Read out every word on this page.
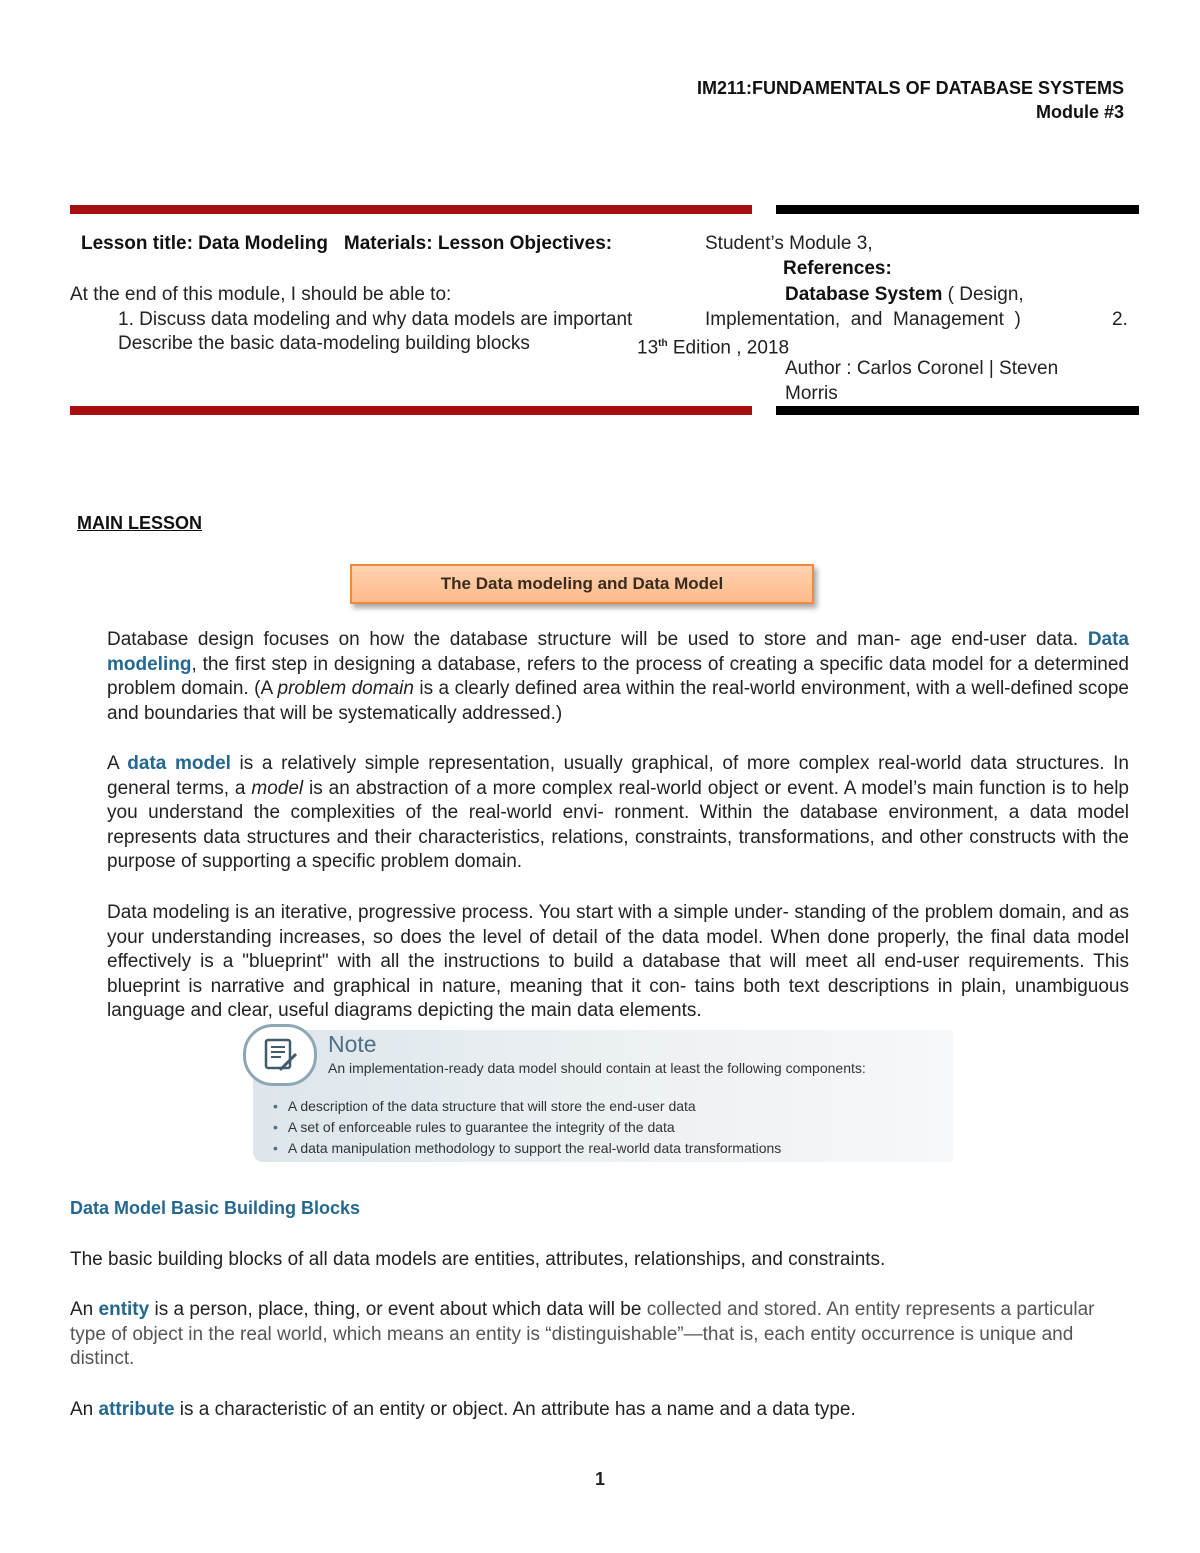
IM211:FUNDAMENTALS OF DATABASE SYSTEMS
Module #3
Lesson title: Data Modeling Materials: Lesson Objectives:	Student’s Module 3,
References:
At the end of this module, I should be able to:	Database System ( Design,
1. Discuss data modeling and why data models are important	Implementation,  and  Management  )	2.
Describe the basic data-modeling building blocks	13th Edition , 2018
Author : Carlos Coronel | Steven
Morris
MAIN LESSON
The Data modeling and Data Model
Database design focuses on how the database structure will be used to store and man- age end-user data. Data modeling, the first step in designing a database, refers to the process of creating a specific data model for a determined problem domain. (A problem domain is a clearly defined area within the real-world environment, with a well-defined scope and boundaries that will be systematically addressed.)
A data model is a relatively simple representation, usually graphical, of more complex real-world data structures. In general terms, a model is an abstraction of a more complex real-world object or event. A model’s main function is to help you understand the complexities of the real-world envi- ronment. Within the database environment, a data model represents data structures and their characteristics, relations, constraints, transformations, and other constructs with the purpose of supporting a specific problem domain.
Data modeling is an iterative, progressive process. You start with a simple under- standing of the problem domain, and as your understanding increases, so does the level of detail of the data model. When done properly, the final data model effectively is a "blueprint" with all the instructions to build a database that will meet all end-user requirements. This blueprint is narrative and graphical in nature, meaning that it con- tains both text descriptions in plain, unambiguous language and clear, useful diagrams depicting the main data elements.
Note
An implementation-ready data model should contain at least the following components:
• A description of the data structure that will store the end-user data
• A set of enforceable rules to guarantee the integrity of the data
• A data manipulation methodology to support the real-world data transformations
Data Model Basic Building Blocks
The basic building blocks of all data models are entities, attributes, relationships, and constraints.
An entity is a person, place, thing, or event about which data will be collected and stored. An entity represents a particular type of object in the real world, which means an entity is “distinguishable”—that is, each entity occurrence is unique and distinct.
An attribute is a characteristic of an entity or object. An attribute has a name and a data type.
1
